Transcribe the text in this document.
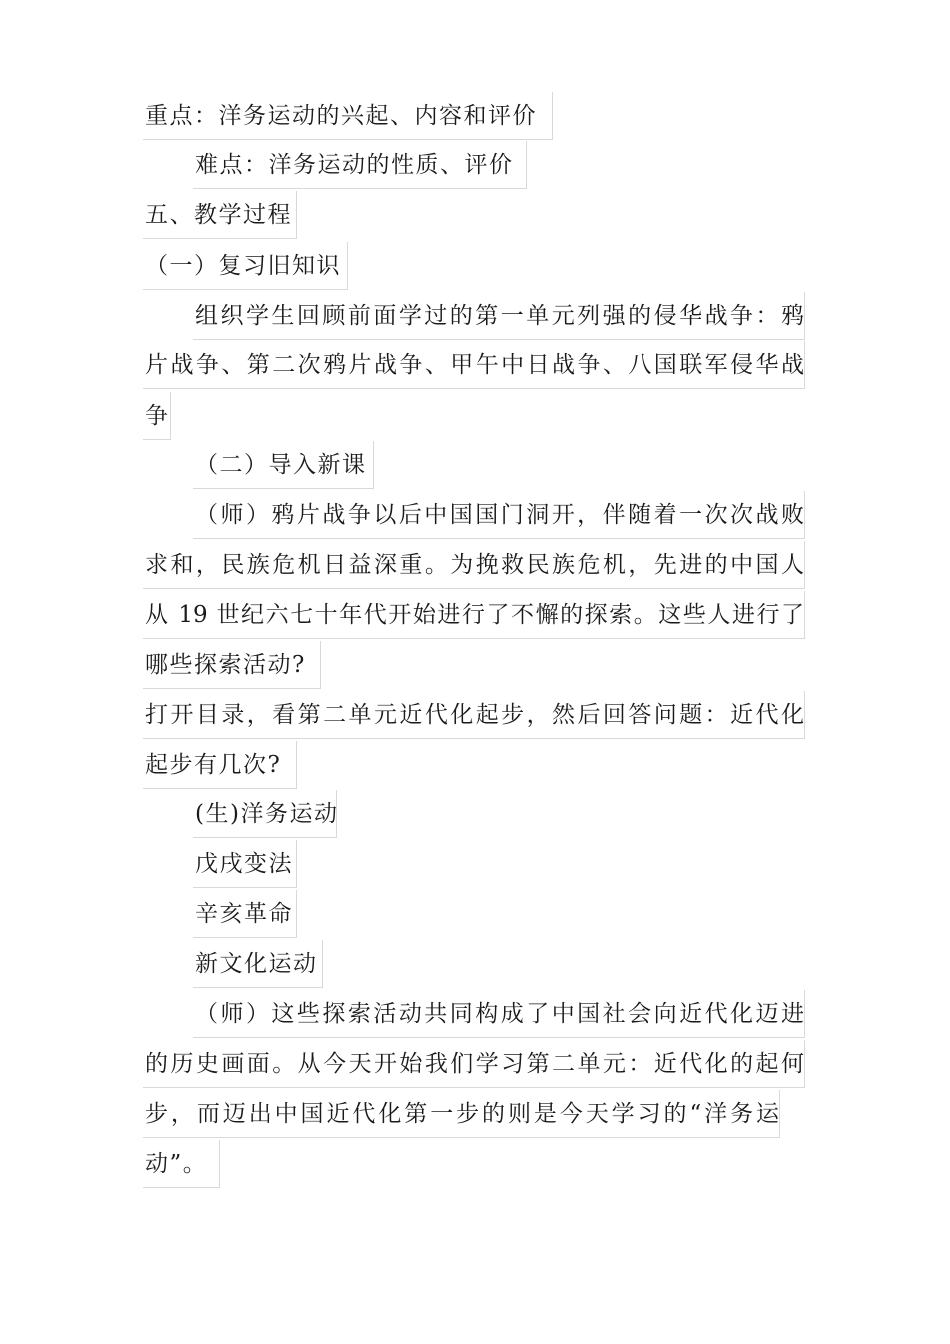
重点：洋务运动的兴起、内容和评价
难点：洋务运动的性质、评价
五、教学过程
（一）复习旧知识
组织学生回顾前面学过的第一单元列强的侵华战争：鸦
片战争、第二次鸦片战争、甲午中日战争、八国联军侵华战
争
（二）导入新课
（师）鸦片战争以后中国国门洞开，伴随着一次次战败
求和，民族危机日益深重。为挽救民族危机，先进的中国人
从 19 世纪六七十年代开始进行了不懈的探索。这些人进行了
哪些探索活动?
打开目录，看第二单元近代化起步，然后回答问题：近代化
起步有几次?
(生)洋务运动
戊戌变法
辛亥革命
新文化运动
（师）这些探索活动共同构成了中国社会向近代化迈进
的历史画面。从今天开始我们学习第二单元：近代化的起何
步，而迈出中国近代化第一步的则是今天学习的“洋务运
动”。
